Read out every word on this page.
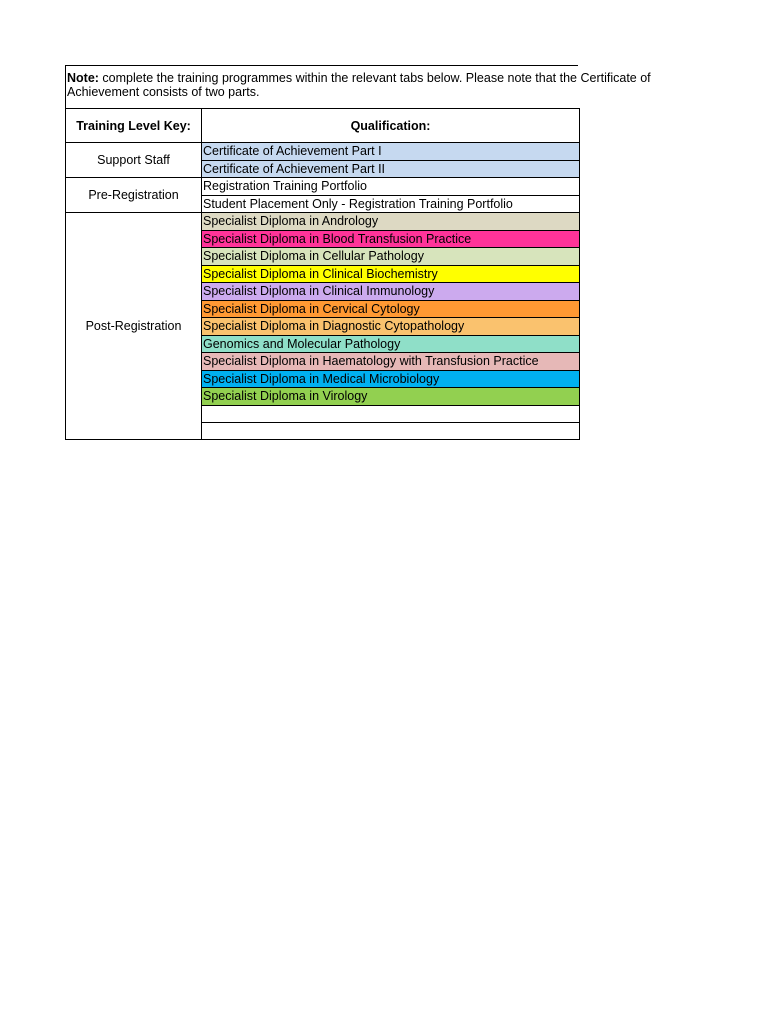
Note: complete the training programmes within the relevant tabs below. Please note that the Certificate of
Achievement consists of two parts.
Training Level Key:	Qualification:
Support Staff	Certificate of Achievement Part I
	Certificate of Achievement Part II
Pre-Registration	Registration Training Portfolio
	Student Placement Only - Registration Training Portfolio
Post-Registration	Specialist Diploma in Andrology
	Specialist Diploma in Blood Transfusion Practice
	Specialist Diploma in Cellular Pathology
	Specialist Diploma in Clinical Biochemistry
	Specialist Diploma in Clinical Immunology
	Specialist Diploma in Cervical Cytology
	Specialist Diploma in Diagnostic Cytopathology
	Genomics and Molecular Pathology
	Specialist Diploma in Haematology with Transfusion Practice
	Specialist Diploma in Medical Microbiology
	Specialist Diploma in Virology
